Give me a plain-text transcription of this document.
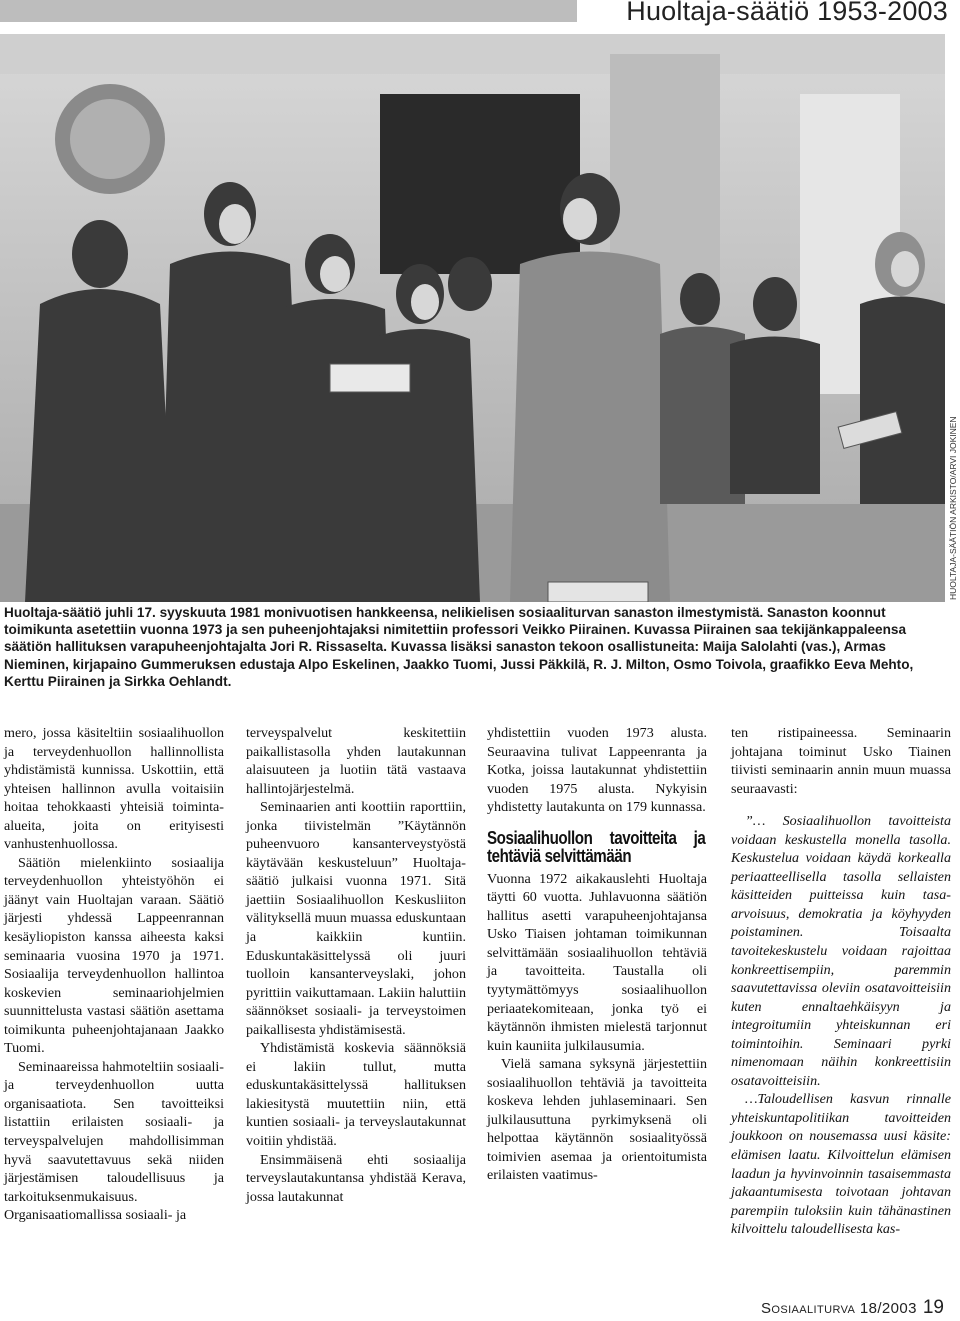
Huoltaja-säätiö 1953-2003
HUOLTAJA-SÄÄTIÖN ARKISTO/ARVI JOKINEN

Huoltaja-säätiö juhli 17. syyskuuta 1981 monivuotisen hankkeensa, nelikielisen sosiaaliturvan sanaston ilmestymistä. Sanaston koonnut toimikunta asetettiin vuonna 1973 ja sen puheenjohtajaksi nimitettiin professori Veikko Piirainen. Kuvassa Piirainen saa tekijänkappaleensa säätiön hallituksen varapuheenjohtajalta Jori R. Rissaselta. Kuvassa lisäksi sanaston tekoon osallistuneita: Maija Salolahti (vas.), Armas Nieminen, kirjapaino Gummeruksen edustaja Alpo Eskelinen, Jaakko Tuomi, Jussi Päkkilä, R. J. Milton, Osmo Toivola, graafikko Eeva Mehto, Kerttu Piirainen ja Sirkka Oehlandt.

mero, jossa käsiteltiin sosiaalihuollon ja terveydenhuollon hallinnollista yhdistämistä kunnissa. Uskottiin, että yhteisen hallinnon avulla voitaisiin hoitaa tehokkaasti yhteisiä toiminta-alueita, joita on erityisesti vanhustenhuollossa.

Säätiön mielenkiinto sosiaalija terveydenhuollon yhteistyöhön ei jäänyt vain Huoltajan varaan. Säätiö järjesti yhdessä Lappeenrannan kesäyliopiston kanssa aiheesta kaksi seminaaria vuosina 1970 ja 1971. Sosiaalija terveydenhuollon hallintoa koskevien seminaariohjelmien suunnittelusta vastasi säätiön asettama toimikunta puheenjohtajanaan Jaakko Tuomi.

Seminaareissa hahmoteltiin sosiaali- ja terveydenhuollon uutta organisaatiota. Sen tavoitteiksi listattiin erilaisten sosiaali- ja terveyspalvelujen mahdollisimman hyvä saavutettavuus sekä niiden järjestämisen taloudellisuus ja tarkoituksenmukaisuus. Organisaatiomallissa sosiaali- ja

terveyspalvelut keskitettiin paikallistasolla yhden lautakunnan alaisuuteen ja luotiin tätä vastaava hallintojärjestelmä.

Seminaarien anti koottiin raporttiin, jonka tiivistelmän ”Käytännön puheenvuoro kansanterveystyöstä käytävään keskusteluun” Huoltaja-säätiö julkaisi vuonna 1971. Sitä jaettiin Sosiaalihuollon Keskusliiton välityksellä muun muassa eduskuntaan ja kaikkiin kuntiin. Eduskuntakäsittelyssä oli juuri tuolloin kansanterveyslaki, johon pyrittiin vaikuttamaan. Lakiin haluttiin säännökset sosiaali- ja terveystoimen paikallisesta yhdistämisestä.

Yhdistämistä koskevia säännöksiä ei lakiin tullut, mutta eduskuntakäsittelyssä hallituksen lakiesitystä muutettiin niin, että kuntien sosiaali- ja terveyslautakunnat voitiin yhdistää.

Ensimmäisenä ehti sosiaalija terveyslautakuntansa yhdistää Kerava, jossa lautakunnat

yhdistettiin vuoden 1973 alusta. Seuraavina tulivat Lappeenranta ja Kotka, joissa lautakunnat yhdistettiin vuoden 1975 alusta. Nykyisin yhdistetty lautakunta on 179 kunnassa.

Sosiaalihuollon tavoitteita ja tehtäviä selvittämään

Vuonna 1972 aikakauslehti Huoltaja täytti 60 vuotta. Juhlavuonna säätiön hallitus asetti varapuheenjohtajansa Usko Tiaisen johtaman toimikunnan selvittämään sosiaalihuollon tehtäviä ja tavoitteita. Taustalla oli tyytymättömyys sosiaalihuollon periaatekomiteaan, jonka työ ei käytännön ihmisten mielestä tarjonnut kuin kauniita julkilausumia.

Vielä samana syksynä järjestettiin sosiaalihuollon tehtäviä ja tavoitteita koskeva lehden juhlaseminaari. Sen julkilausuttuna pyrkimyksenä oli helpottaa käytännön sosiaalityössä toimivien asemaa ja orientoitumista erilaisten vaatimus-

ten ristipaineessa. Seminaarin johtajana toiminut Usko Tiainen tiivisti seminaarin annin muun muassa seuraavasti:

”… Sosiaalihuollon tavoitteista voidaan keskustella monella tasolla. Keskustelua voidaan käydä korkealla periaatteellisella tasolla sellaisten käsitteiden puitteissa kuin tasa-arvoisuus, demokratia ja köyhyyden poistaminen. Toisaalta tavoitekeskustelu voidaan rajoittaa konkreettisempiin, paremmin saavutettavissa oleviin osatavoitteisiin kuten ennaltaehkäisyyn ja integroitumiin yhteiskunnan eri toimintoihin. Seminaari pyrki nimenomaan näihin konkreettisiin osatavoitteisiin.

…Taloudellisen kasvun rinnalle yhteiskuntapolitiikan tavoitteiden joukkoon on nousemassa uusi käsite: elämisen laatu. Kilvoittelun elämisen laadun ja hyvinvoinnin tasaisemmasta jakaantumisesta toivotaan johtavan parempiin tuloksiin kuin tähänastinen kilvoittelu taloudellisesta kas-

Sosiaaliturva 18/2003 19
